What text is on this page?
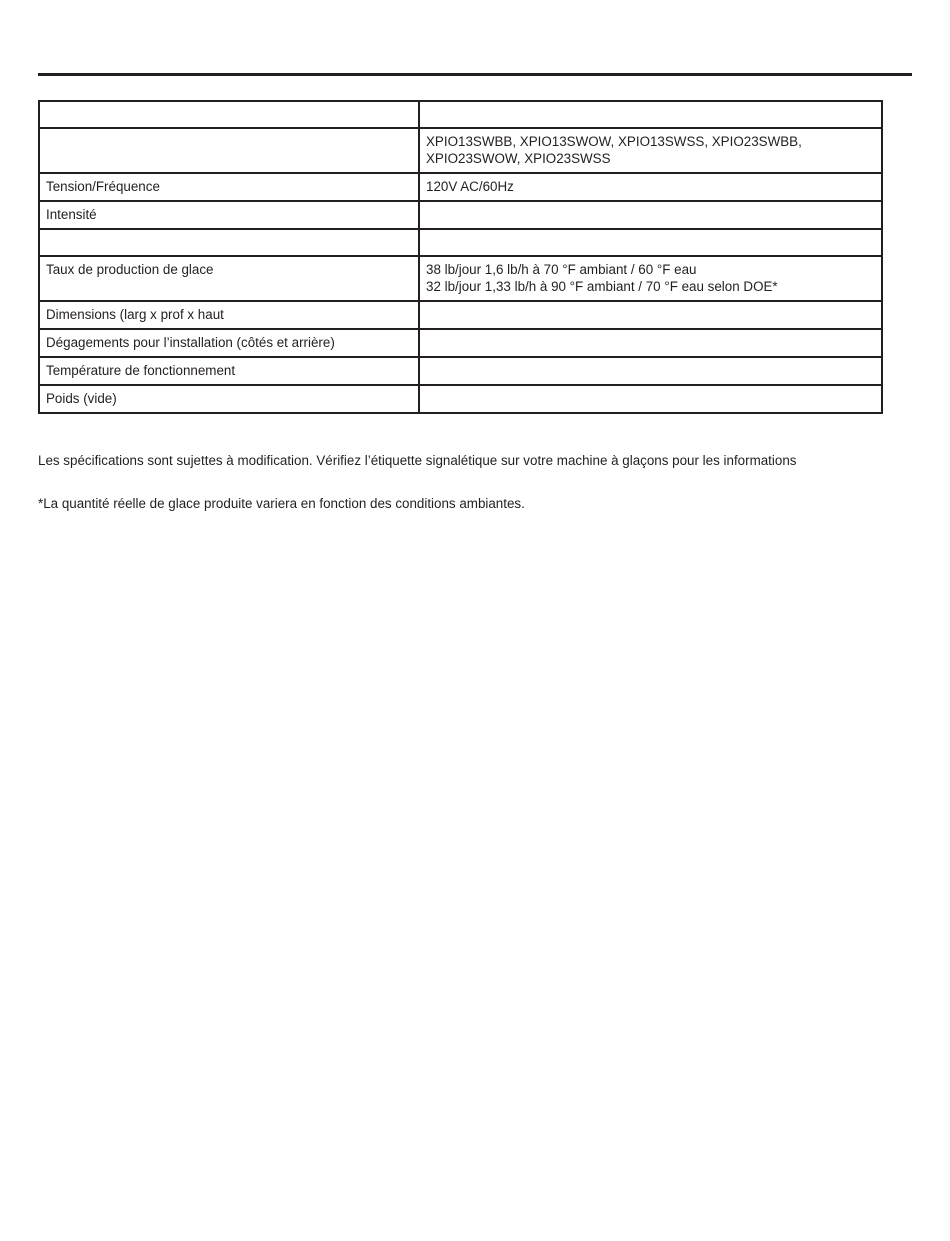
	XPIO13SWBB, XPIO13SWOW, XPIO13SWSS, XPIO23SWBB,
XPIO23SWOW, XPIO23SWSS
Tension/Fréquence	120V AC/60Hz
Intensité	

Taux de production de glace	38 lb/jour 1,6 lb/h à 70 °F ambiant / 60 °F eau
32 lb/jour 1,33 lb/h à 90 °F ambiant / 70 °F eau selon DOE*
Dimensions (larg x prof x haut	
Dégagements pour l’installation (côtés et arrière)	
Température de fonctionnement	
Poids (vide)	
Les spécifications sont sujettes à modification. Vérifiez l’étiquette signalétique sur votre machine à glaçons pour les informations
*La quantité réelle de glace produite variera en fonction des conditions ambiantes.
